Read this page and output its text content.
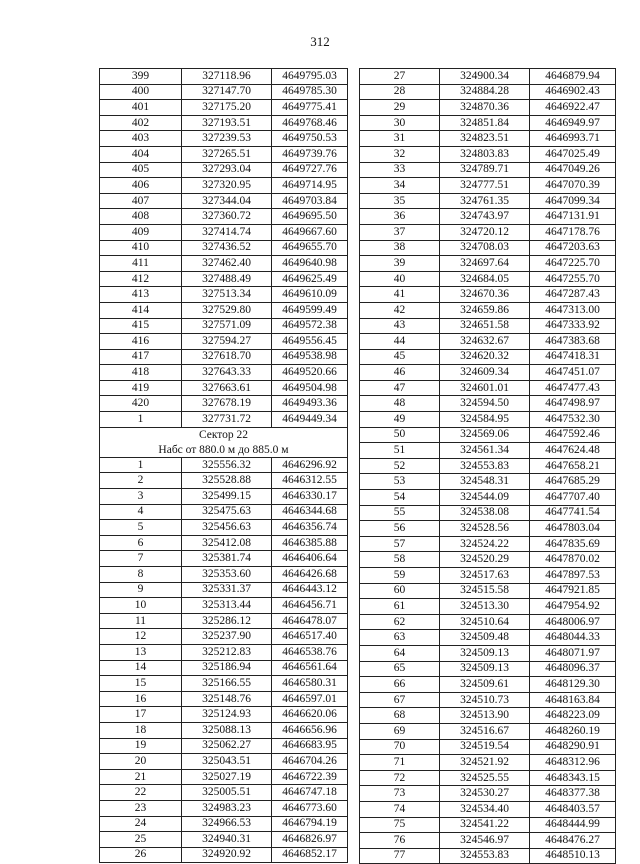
312
399	327118.96	4649795.03
400	327147.70	4649785.30
401	327175.20	4649775.41
402	327193.51	4649768.46
403	327239.53	4649750.53
404	327265.51	4649739.76
405	327293.04	4649727.76
406	327320.95	4649714.95
407	327344.04	4649703.84
408	327360.72	4649695.50
409	327414.74	4649667.60
410	327436.52	4649655.70
411	327462.40	4649640.98
412	327488.49	4649625.49
413	327513.34	4649610.09
414	327529.80	4649599.49
415	327571.09	4649572.38
416	327594.27	4649556.45
417	327618.70	4649538.98
418	327643.33	4649520.66
419	327663.61	4649504.98
420	327678.19	4649493.36
1	327731.72	4649449.34
Сектор 22		
Набс от 880.0 м до 885.0 м		
1	325556.32	4646296.92
2	325528.88	4646312.55
3	325499.15	4646330.17
4	325475.63	4646344.68
5	325456.63	4646356.74
6	325412.08	4646385.88
7	325381.74	4646406.64
8	325353.60	4646426.68
9	325331.37	4646443.12
10	325313.44	4646456.71
11	325286.12	4646478.07
12	325237.90	4646517.40
13	325212.83	4646538.76
14	325186.94	4646561.64
15	325166.55	4646580.31
16	325148.76	4646597.01
17	325124.93	4646620.06
18	325088.13	4646656.96
19	325062.27	4646683.95
20	325043.51	4646704.26
21	325027.19	4646722.39
22	325005.51	4646747.18
23	324983.23	4646773.60
24	324966.53	4646794.19
25	324940.31	4646826.97
26	324920.92	4646852.17
27	324900.34	4646879.94
28	324884.28	4646902.43
29	324870.36	4646922.47
30	324851.84	4646949.97
31	324823.51	4646993.71
32	324803.83	4647025.49
33	324789.71	4647049.26
34	324777.51	4647070.39
35	324761.35	4647099.34
36	324743.97	4647131.91
37	324720.12	4647178.76
38	324708.03	4647203.63
39	324697.64	4647225.70
40	324684.05	4647255.70
41	324670.36	4647287.43
42	324659.86	4647313.00
43	324651.58	4647333.92
44	324632.67	4647383.68
45	324620.32	4647418.31
46	324609.34	4647451.07
47	324601.01	4647477.43
48	324594.50	4647498.97
49	324584.95	4647532.30
50	324569.06	4647592.46
51	324561.34	4647624.48
52	324553.83	4647658.21
53	324548.31	4647685.29
54	324544.09	4647707.40
55	324538.08	4647741.54
56	324528.56	4647803.04
57	324524.22	4647835.69
58	324520.29	4647870.02
59	324517.63	4647897.53
60	324515.58	4647921.85
61	324513.30	4647954.92
62	324510.64	4648006.97
63	324509.48	4648044.33
64	324509.13	4648071.97
65	324509.13	4648096.37
66	324509.61	4648129.30
67	324510.73	4648163.84
68	324513.90	4648223.09
69	324516.67	4648260.19
70	324519.54	4648290.91
71	324521.92	4648312.96
72	324525.55	4648343.15
73	324530.27	4648377.38
74	324534.40	4648403.57
75	324541.22	4648444.99
76	324546.97	4648476.27
77	324553.83	4648510.13
